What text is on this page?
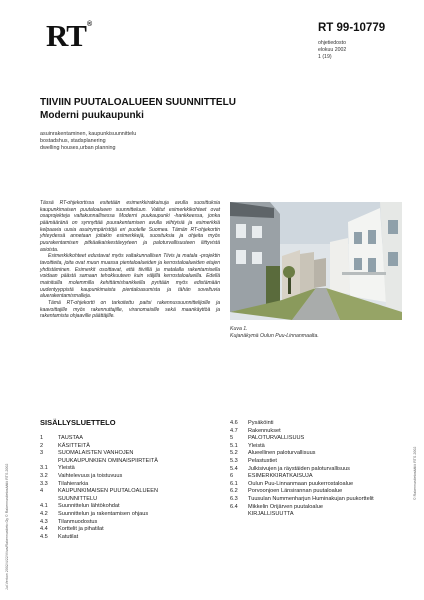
RT ®	RT 99-10779
ohjetiedosto
elokuu 2002
1 (19)
TIIVIIN PUUTALOALUEEN SUUNNITTELU
Moderni puukaupunki
asuinrakentaminen, kaupunkisuunnittelu
bostadshus, stadsplanering
dwelling houses,urban planning

Tässä RT-ohjekortissa esitetään esimerkkiratkaisuja avulla suosittuksia kaupunkimaisen puutaloalueen suunnitteluun. Valitut esimerkkikohteet ovat osaprojekteja valtakunnallisessa Moderni puukaupunki -hankkeessa, jonka päämääränä on synnyttää puurakentamisen avulla viihtyisiä ja esimerkkiä kelpaavia uusia asuinympäristöjä eri puolelle Suomea. Tämän RT-ohjekortin yhteydessä annetaan joitakin esimerkkejä, suosituksia ja ohjeita myös puurakentamisen pitkäaikaiskestävyyteen ja paloturvallisuuteen liittyvistä asioista.

Esimerkkikohteet edustavat myös valtakunnallisen Tiivis ja matala -projektin tavoitteita, joita ovat muun muassa pientaloalueiden ja kerrostaloalueiden etujen yhdistäminen. Esimerkit osoittavat, että tiiviillä ja matalalla rakentamisella voidaan päästä samaan tehokkuuteen kuin väljillä kerrostaloalueilla. Edellä mainituilla molemmilla kehittämishankkeilla pyritään myös edistämään uudentyyppistä kaupunkimaista pientaloasumista ja tähän soveltuvia aluerakentamismalleja.

Tämä RT-ohjekortti on tarkoitettu paitsi rakennussuunnittelijoille ja kaavoittajille myös rakennuttajille, viranomaisille sekä maankäyttöä ja rakentamista ohjaaville päättäjille.

Kuva 1.
Kujanäkymä Oulun Puu-Linnanmaalta.
SISÄLLYSLUETTELO
1	TAUSTAA
2	KÄSITTEITÄ
3	SUOMALAISTEN VANHOJEN
PUUKAUPUNKIEN OMINAISPIIRTEITÄ
3.1	Yleistä
3.2	Vaihtelevuus ja toistuvuus
3.3	Tilahierarkia
4	KAUPUNKIMAISEN PUUTALOALUEEN
SUUNNITTELU
4.1	Suunnittelun lähtökohdat
4.2	Suunnittelun ja rakentamisen ohjaus
4.3	Tilanmuodostus
4.4	Korttelit ja pihatilat
4.5	Katutilat
4.6	Pysäköinti
4.7	Rakennukset
5	PALOTURVALLISUUS
5.1	Yleistä
5.2	Alueellinen paloturvallisuus
5.3	Pelastustiet
5.4	Julkisivujen ja räystäiden paloturvallisuus
6	ESIMERKKIRATKAISUJA
6.1	Oulun Puu-Linnanmaan puukerrostaloalue
6.2	Porvoonjoen Länsirannan puutaloalue
6.3	Tuusulan Nummenharjun Huminakujan puukorttelit
6.4	Mikkelin Orijärven puutaloalue
KIRJALLISUUTTA
Jul.Verkon 2002/4/22/Viiva/Rakennustieto Oy © Rakennustietosäätiö RTS 2002	© Rakennustietosäätiö RTS 2002
